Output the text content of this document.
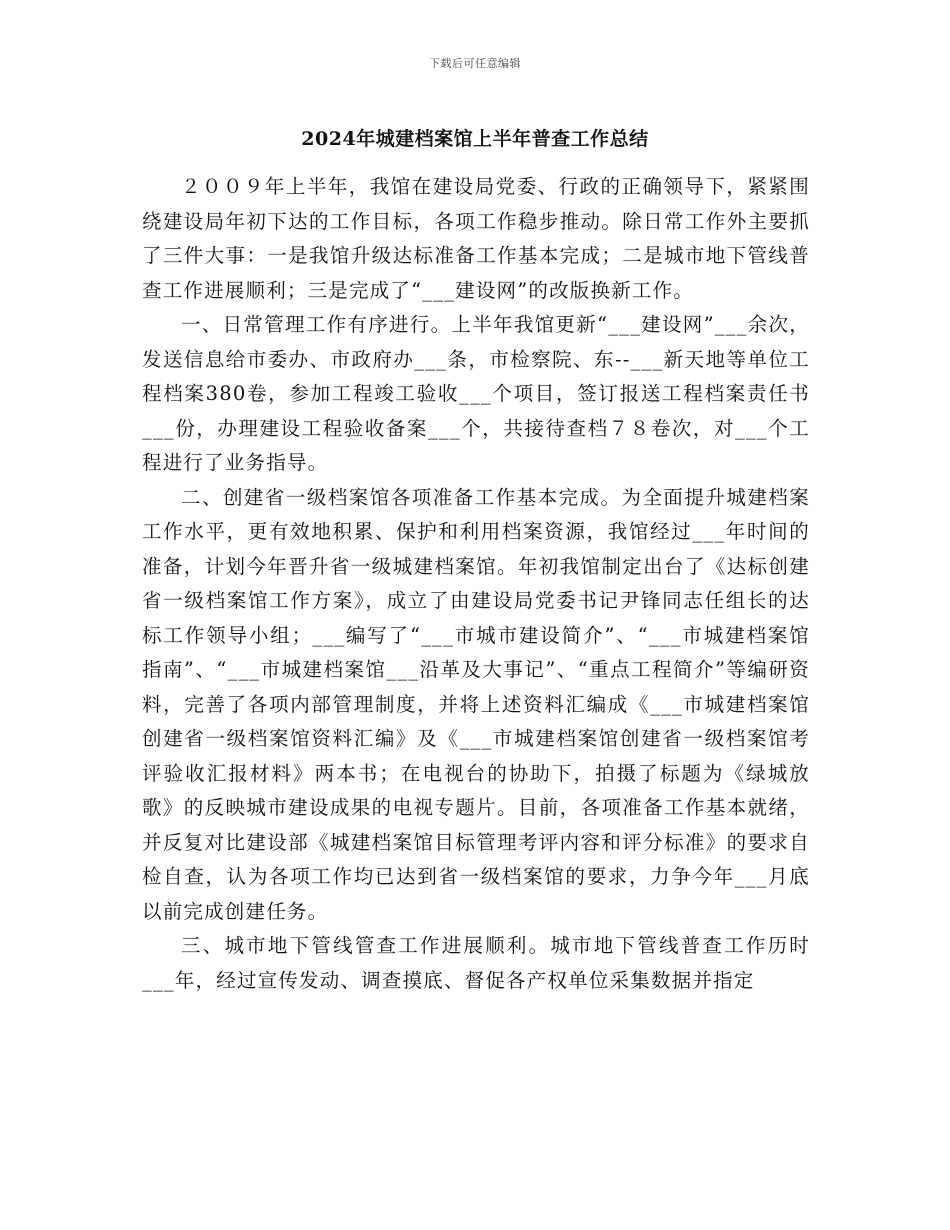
下载后可任意编辑
2024年城建档案馆上半年普查工作总结

２００９年上半年，我馆在建设局党委、行政的正确领导下，紧紧围绕建设局年初下达的工作目标，各项工作稳步推动。除日常工作外主要抓了三件大事：一是我馆升级达标准备工作基本完成；二是城市地下管线普查工作进展顺利；三是完成了“___建设网”的改版换新工作。

一、日常管理工作有序进行。上半年我馆更新“___建设网”___余次，发送信息给市委办、市政府办___条，市检察院、东--___新天地等单位工程档案380卷，参加工程竣工验收___个项目，签订报送工程档案责任书___份，办理建设工程验收备案___个，共接待查档７８卷次，对___个工程进行了业务指导。

二、创建省一级档案馆各项准备工作基本完成。为全面提升城建档案工作水平，更有效地积累、保护和利用档案资源，我馆经过___年时间的准备，计划今年晋升省一级城建档案馆。年初我馆制定出台了《达标创建省一级档案馆工作方案》，成立了由建设局党委书记尹锋同志任组长的达标工作领导小组；___编写了“___市城市建设简介”、“___市城建档案馆指南”、“___市城建档案馆___沿革及大事记”、“重点工程简介”等编研资料，完善了各项内部管理制度，并将上述资料汇编成《___市城建档案馆创建省一级档案馆资料汇编》及《___市城建档案馆创建省一级档案馆考评验收汇报材料》两本书；在电视台的协助下，拍摄了标题为《绿城放歌》的反映城市建设成果的电视专题片。目前，各项准备工作基本就绪，并反复对比建设部《城建档案馆目标管理考评内容和评分标准》的要求自检自查，认为各项工作均已达到省一级档案馆的要求，力争今年___月底以前完成创建任务。

三、城市地下管线管查工作进展顺利。城市地下管线普查工作历时___年，经过宣传发动、调查摸底、督促各产权单位采集数据并指定
